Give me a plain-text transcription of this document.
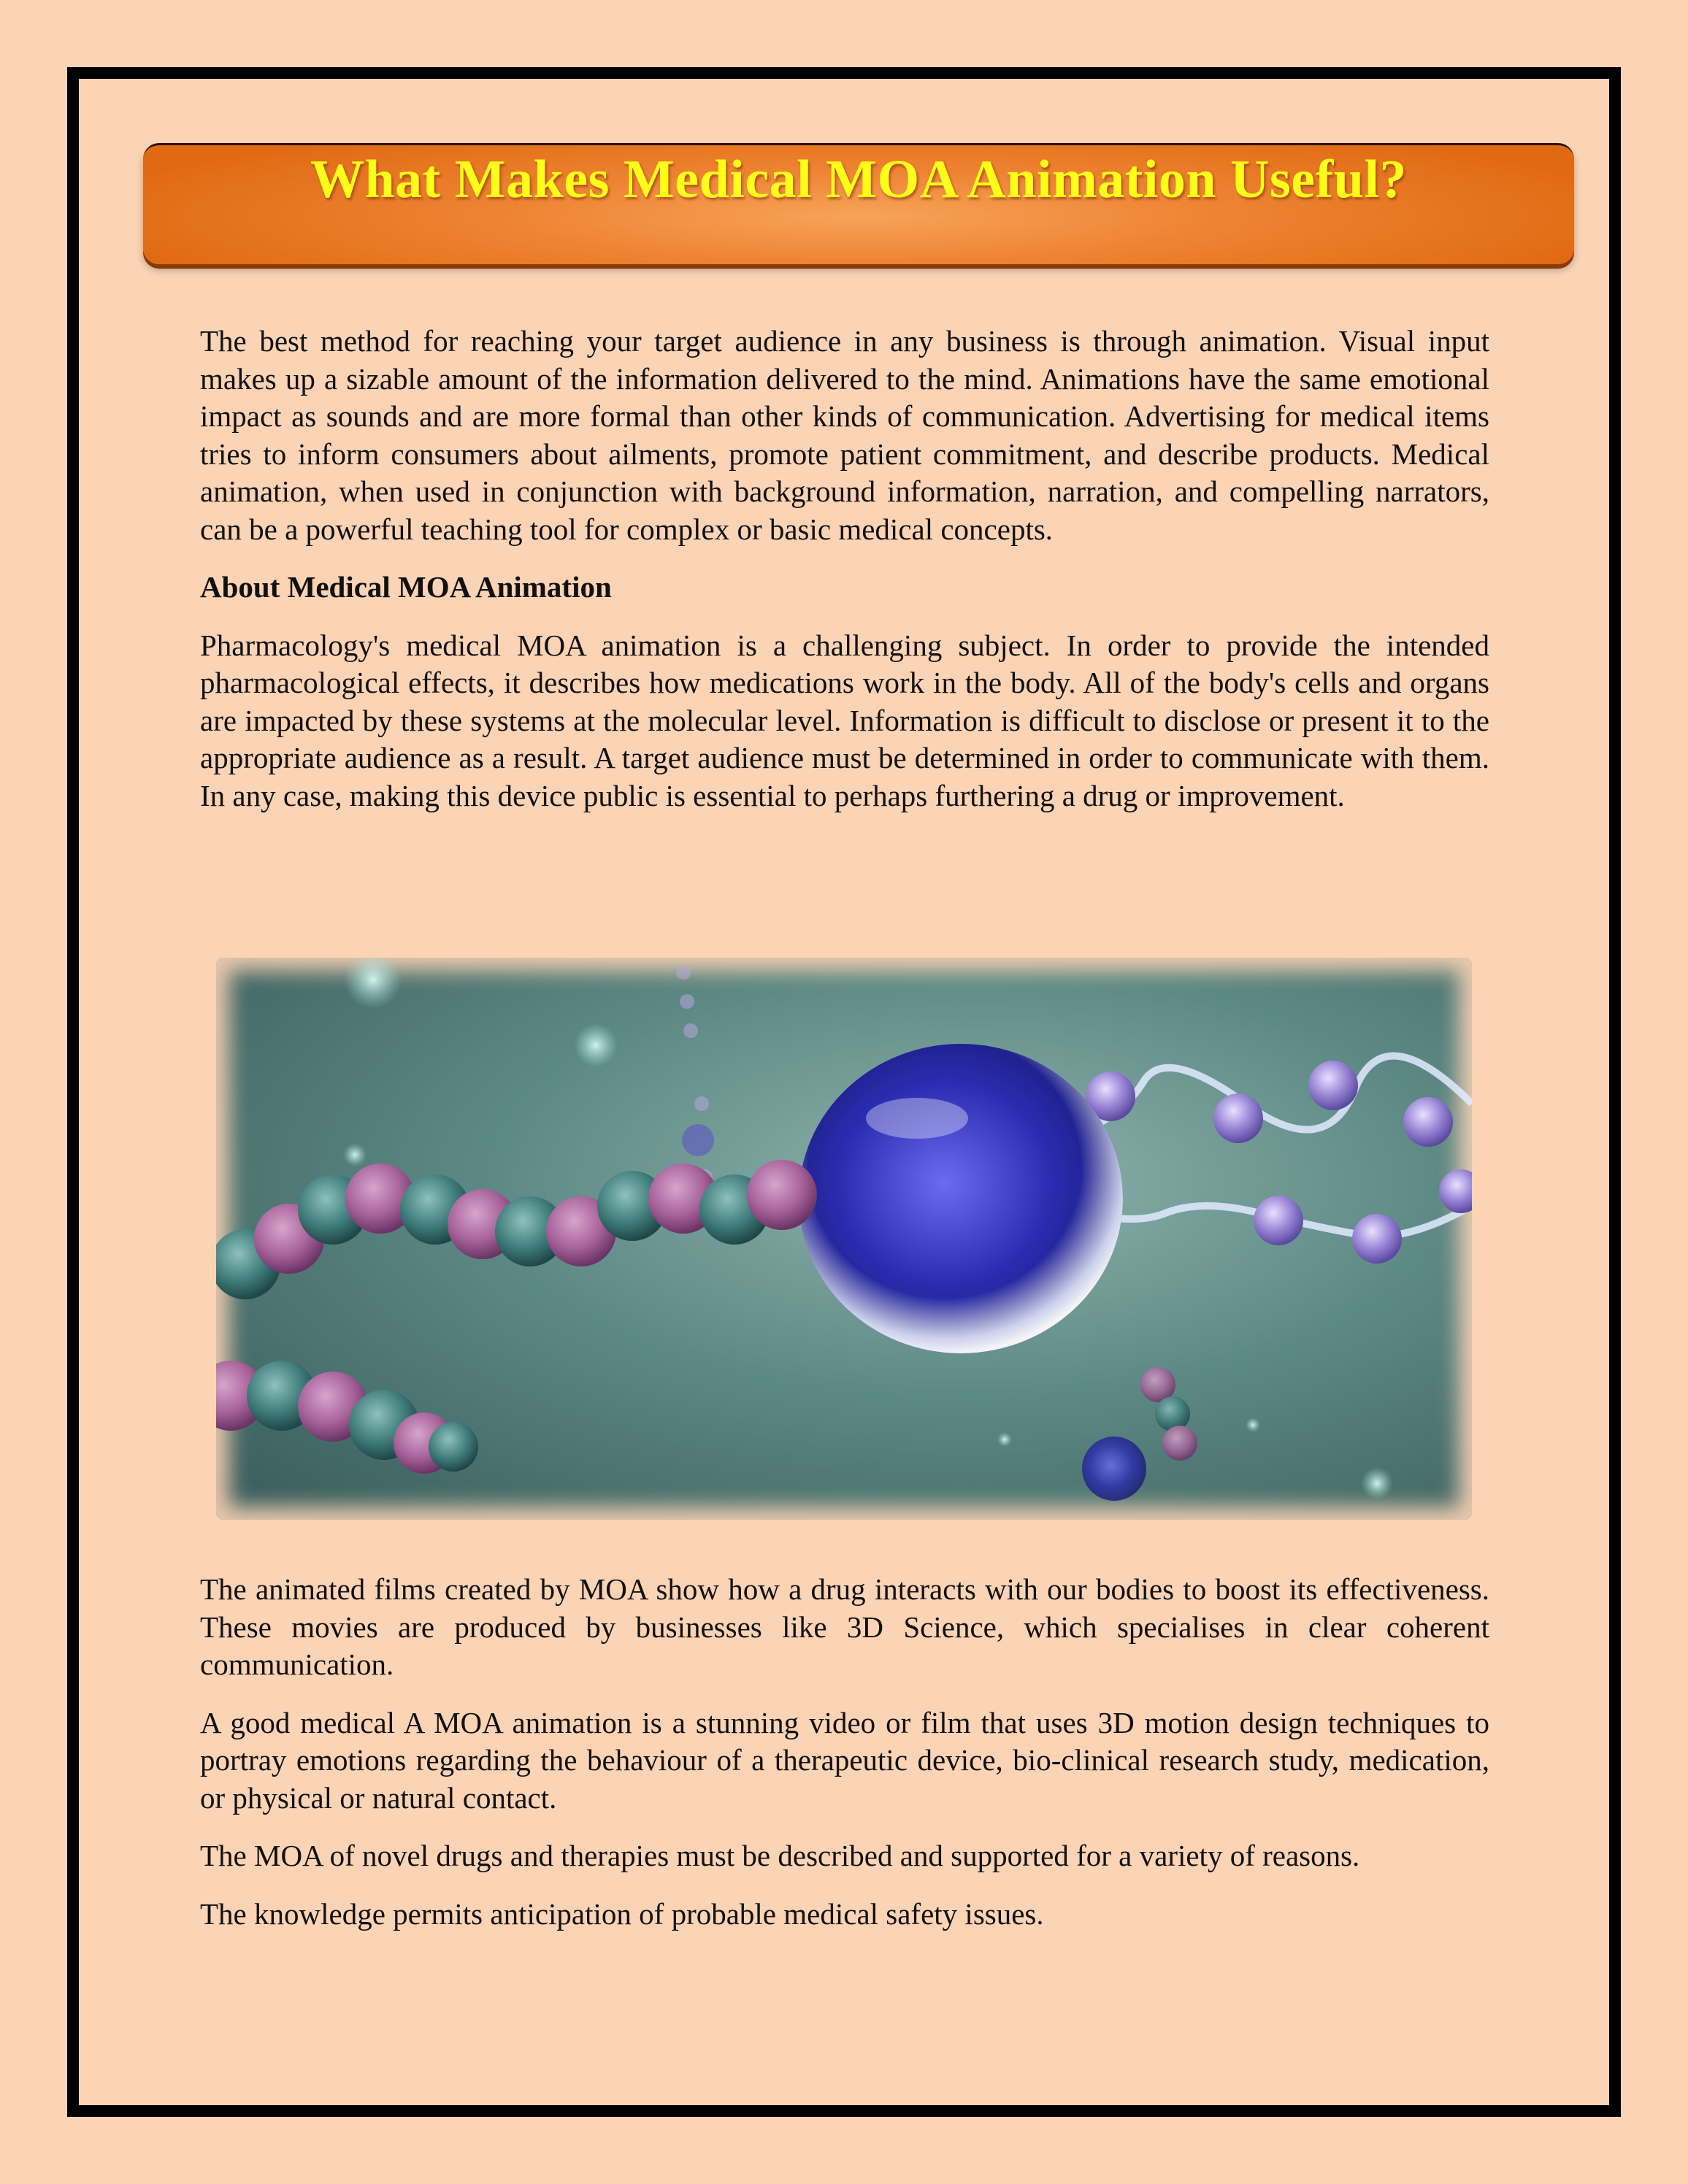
What Makes Medical MOA Animation Useful?

The best method for reaching your target audience in any business is through animation. Visual input makes up a sizable amount of the information delivered to the mind. Animations have the same emotional impact as sounds and are more formal than other kinds of communication. Advertising for medical items tries to inform consumers about ailments, promote patient commitment, and describe products. Medical animation, when used in conjunction with background information, narration, and compelling narrators, can be a powerful teaching tool for complex or basic medical concepts.

About Medical MOA Animation

Pharmacology's medical MOA animation is a challenging subject. In order to provide the intended pharmacological effects, it describes how medications work in the body. All of the body's cells and organs are impacted by these systems at the molecular level. Information is difficult to disclose or present it to the appropriate audience as a result. A target audience must be determined in order to communicate with them. In any case, making this device public is essential to perhaps furthering a drug or improvement.

The animated films created by MOA show how a drug interacts with our bodies to boost its effectiveness. These movies are produced by businesses like 3D Science, which specialises in clear coherent communication.

A good medical A MOA animation is a stunning video or film that uses 3D motion design techniques to portray emotions regarding the behaviour of a therapeutic device, bio-clinical research study, medication, or physical or natural contact.

The MOA of novel drugs and therapies must be described and supported for a variety of reasons.

The knowledge permits anticipation of probable medical safety issues.
